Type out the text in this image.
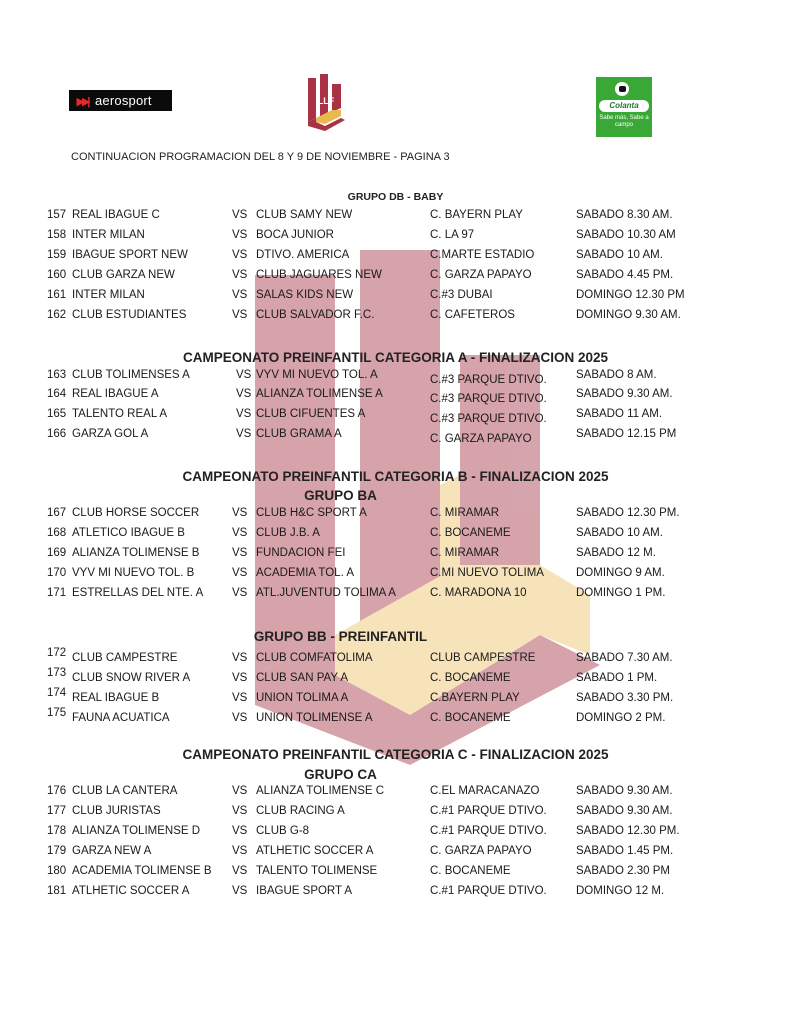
▶▶| aerosport	LLF	Colanta
Sabe más, Sabe a campo
CONTINUACION PROGRAMACION DEL 8 Y 9 DE NOVIEMBRE - PAGINA 3
GRUPO DB - BABY
157 REAL IBAGUE C	VS CLUB SAMY NEW	C. BAYERN PLAY	SABADO 8.30 AM.
158 INTER MILAN	VS BOCA JUNIOR	C. LA 97	SABADO 10.30 AM
159 IBAGUE SPORT NEW	VS DTIVO. AMERICA	C.MARTE ESTADIO	SABADO 10 AM.
160 CLUB GARZA NEW	VS CLUB JAGUARES NEW	C. GARZA PAPAYO	SABADO 4.45 PM.
161 INTER MILAN	VS SALAS KIDS NEW	C.#3 DUBAI	DOMINGO 12.30 PM
162 CLUB ESTUDIANTES	VS CLUB SALVADOR F.C.	C. CAFETEROS	DOMINGO 9.30 AM.
CAMPEONATO PREINFANTIL CATEGORIA A - FINALIZACION 2025
163 CLUB TOLIMENSES A	VS VYV MI NUEVO TOL. A	C.#3 PARQUE DTIVO.	SABADO 8 AM.
164 REAL IBAGUE A	VS ALIANZA TOLIMENSE A	C.#3 PARQUE DTIVO.	SABADO 9.30 AM.
165 TALENTO REAL A	VS CLUB CIFUENTES A	C.#3 PARQUE DTIVO.	SABADO 11 AM.
166 GARZA GOL A	VS CLUB GRAMA A	C. GARZA PAPAYO	SABADO 12.15 PM
CAMPEONATO PREINFANTIL CATEGORIA B - FINALIZACION 2025
GRUPO BA
167 CLUB HORSE SOCCER	VS CLUB H&C SPORT A	C. MIRAMAR	SABADO 12.30 PM.
168 ATLETICO IBAGUE B	VS CLUB J.B. A	C. BOCANEME	SABADO 10 AM.
169 ALIANZA TOLIMENSE B	VS FUNDACION FEI	C. MIRAMAR	SABADO 12 M.
170 VYV MI NUEVO TOL. B	VS ACADEMIA TOL. A	C.MI NUEVO TOLIMA	DOMINGO 9 AM.
171 ESTRELLAS DEL NTE. A	VS ATL.JUVENTUD TOLIMA A	C. MARADONA 10	DOMINGO 1 PM.
GRUPO BB - PREINFANTIL
172 CLUB CAMPESTRE	VS CLUB COMFATOLIMA	CLUB CAMPESTRE	SABADO 7.30 AM.
173 CLUB SNOW RIVER A	VS CLUB SAN PAY A	C. BOCANEME	SABADO 1 PM.
174 REAL IBAGUE B	VS UNION TOLIMA A	C.BAYERN PLAY	SABADO 3.30 PM.
175 FAUNA ACUATICA	VS UNION TOLIMENSE A	C. BOCANEME	DOMINGO 2 PM.
CAMPEONATO PREINFANTIL CATEGORIA C - FINALIZACION 2025
GRUPO CA
176 CLUB LA CANTERA	VS ALIANZA TOLIMENSE C	C.EL MARACANAZO	SABADO 9.30 AM.
177 CLUB JURISTAS	VS CLUB RACING A	C.#1 PARQUE DTIVO.	SABADO 9.30 AM.
178 ALIANZA TOLIMENSE D	VS CLUB G-8	C.#1 PARQUE DTIVO.	SABADO 12.30 PM.
179 GARZA NEW A	VS ATLHETIC SOCCER A	C. GARZA PAPAYO	SABADO 1.45 PM.
180 ACADEMIA TOLIMENSE B VS TALENTO TOLIMENSE	C. BOCANEME	SABADO 2.30 PM
181 ATLHETIC SOCCER A	VS IBAGUE SPORT A	C.#1 PARQUE DTIVO.	DOMINGO 12 M.
